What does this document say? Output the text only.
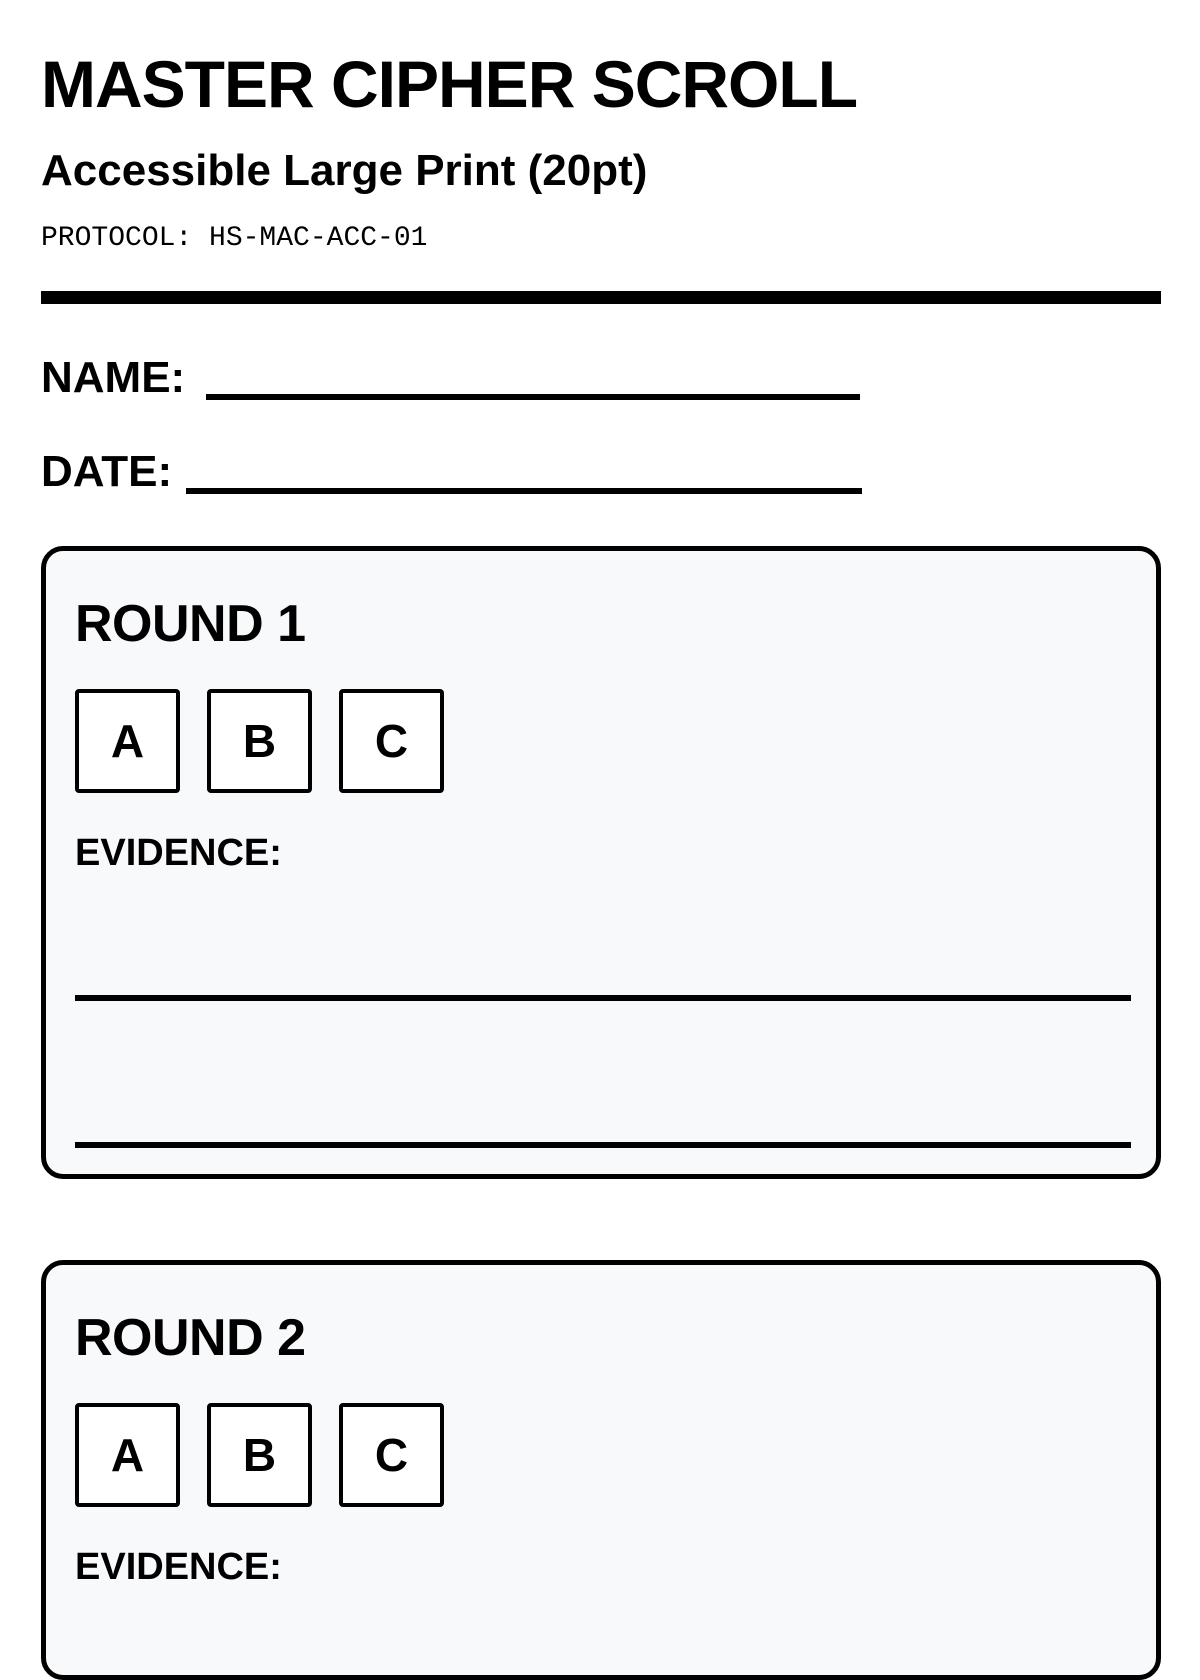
MASTER CIPHER SCROLL
Accessible Large Print (20pt)
PROTOCOL: HS-MAC-ACC-01
NAME:
DATE:
ROUND 1
A	B	C
EVIDENCE:
ROUND 2
A	B	C
EVIDENCE:
